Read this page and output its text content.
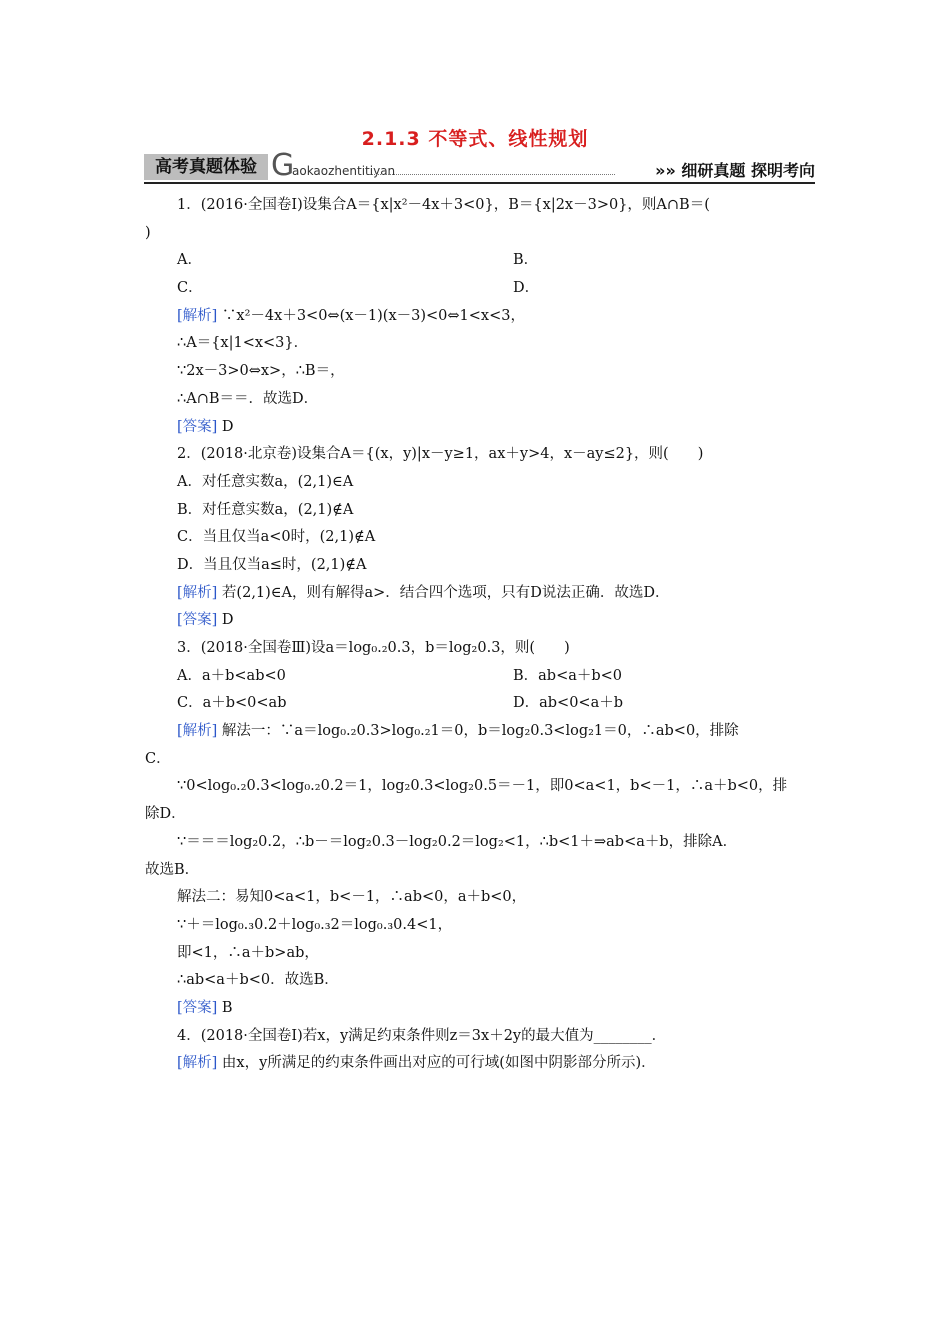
2.1.3 不等式、线性规划
高考真题体验 G
aokaozhentitiyan	»» 细研真题 探明考向
1．(2016·全国卷Ⅰ)设集合A＝{x|x²－4x＋3<0}，B＝{x|2x－3>0}，则A∩B＝(
)
A．	B．
C．	D．
[解析] ∵x²－4x＋3<0⇔(x－1)(x－3)<0⇔1<x<3，
∴A＝{x|1<x<3}．
∵2x－3>0⇔x>，∴B＝，
∴A∩B＝＝．故选D．
[答案] D
2．(2018·北京卷)设集合A＝{(x，y)|x－y≥1，ax＋y>4，x－ay≤2}，则(　　)
A．对任意实数a，(2,1)∈A
B．对任意实数a，(2,1)∉A
C．当且仅当a<0时，(2,1)∉A
D．当且仅当a≤时，(2,1)∉A
[解析] 若(2,1)∈A，则有解得a>．结合四个选项，只有D说法正确．故选D．
[答案] D
3．(2018·全国卷Ⅲ)设a＝log₀.₂0.3，b＝log₂0.3，则(　　)
A．a＋b<ab<0	B．ab<a＋b<0
C．a＋b<0<ab	D．ab<0<a＋b
[解析] 解法一：∵a＝log₀.₂0.3>log₀.₂1＝0，b＝log₂0.3<log₂1＝0，∴ab<0，排除
C．
∵0<log₀.₂0.3<log₀.₂0.2＝1，log₂0.3<log₂0.5＝－1，即0<a<1，b<－1，∴a＋b<0，排
除D．
∵＝＝＝log₂0.2，∴b－＝log₂0.3－log₂0.2＝log₂<1，∴b<1＋⇒ab<a＋b，排除A．
故选B．
解法二：易知0<a<1，b<－1，∴ab<0，a＋b<0，
∵＋＝log₀.₃0.2＋log₀.₃2＝log₀.₃0.4<1，
即<1，∴a＋b>ab，
∴ab<a＋b<0．故选B．
[答案] B
4．(2018·全国卷Ⅰ)若x，y满足约束条件则z＝3x＋2y的最大值为________．
[解析] 由x，y所满足的约束条件画出对应的可行域(如图中阴影部分所示)．
